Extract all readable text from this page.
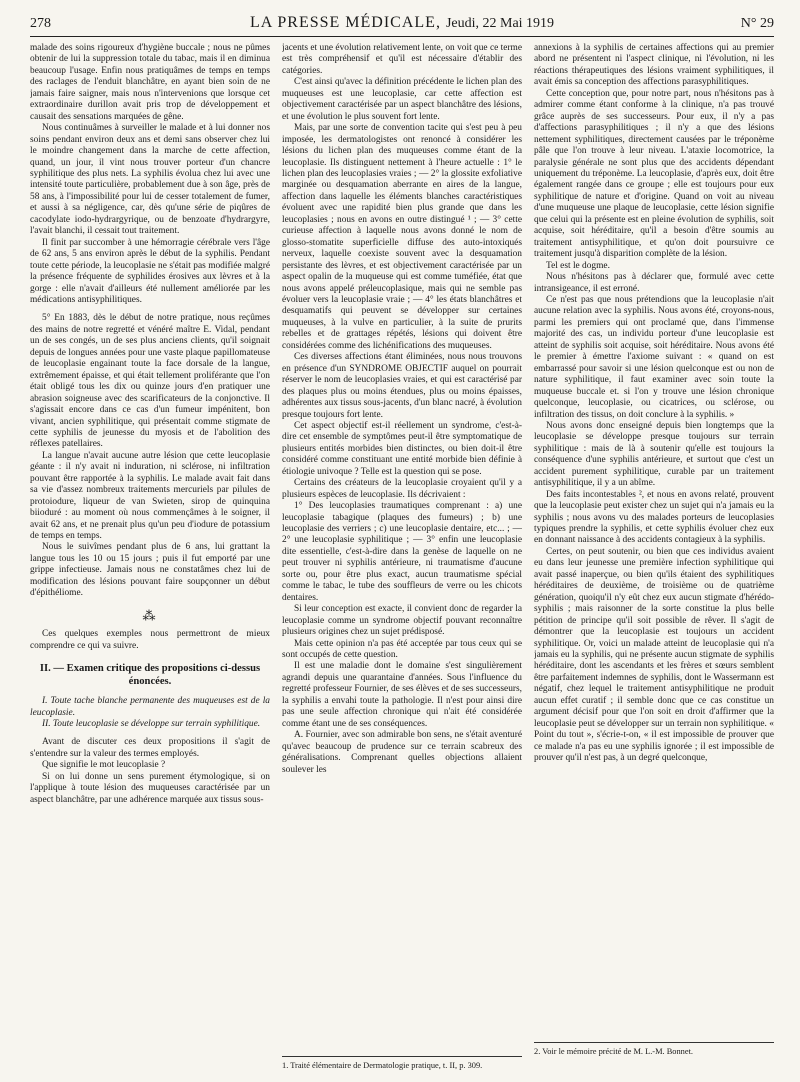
278	LA PRESSE MÉDICALE, Jeudi, 22 Mai 1919	N° 29

malade des soins rigoureux d'hygiène buccale ; nous ne pûmes obtenir de lui la suppression totale du tabac, mais il en diminua beaucoup l'usage. Enfin nous pratiquâmes de temps en temps des raclages de l'enduit blanchâtre, en ayant bien soin de ne jamais faire saigner, mais nous n'intervenions que lorsque cet extraordinaire durillon avait pris trop de développement et causait des sensations marquées de gêne.

Nous continuâmes à surveiller le malade et à lui donner nos soins pendant environ deux ans et demi sans observer chez lui le moindre changement dans la marche de cette affection, quand, un jour, il vint nous trouver porteur d'un chancre syphilitique des plus nets. La syphilis évolua chez lui avec une intensité toute particulière, probablement due à son âge, près de 58 ans, à l'impossibilité pour lui de cesser totalement de fumer, et aussi à sa négligence, car, dès qu'une série de piqûres de cacodylate iodo-hydrargyrique, ou de benzoate d'hydrargyre, l'avait blanchi, il cessait tout traitement.

Il finit par succomber à une hémorragie cérébrale vers l'âge de 62 ans, 5 ans environ après le début de la syphilis. Pendant toute cette période, la leucoplasie ne s'était pas modifiée malgré la présence fréquente de syphilides érosives aux lèvres et à la gorge : elle n'avait d'ailleurs été nullement améliorée par les médications antisyphilitiques.

5° En 1883, dès le début de notre pratique, nous reçûmes des mains de notre regretté et vénéré maître E. Vidal, pendant un de ses congés, un de ses plus anciens clients, qu'il soignait depuis de longues années pour une vaste plaque papillomateuse de leucoplasie engainant toute la face dorsale de la langue, extrêmement épaisse, et qui était tellement proliférante que l'on était obligé tous les dix ou quinze jours d'en pratiquer une abrasion soigneuse avec des scarificateurs de la conjonctive. Il s'agissait encore dans ce cas d'un fumeur impénitent, bon vivant, ancien syphilitique, qui présentait comme stigmate de cette syphilis de jeunesse du myosis et de l'abolition des réflexes patellaires.

La langue n'avait aucune autre lésion que cette leucoplasie géante : il n'y avait ni induration, ni sclérose, ni infiltration pouvant être rapportée à la syphilis. Le malade avait fait dans sa vie d'assez nombreux traitements mercuriels par pilules de protoiodure, liqueur de van Swieten, sirop de quinquina biioduré : au moment où nous commençâmes à le soigner, il avait 62 ans, et ne prenait plus qu'un peu d'iodure de potassium de temps en temps.

Nous le suivîmes pendant plus de 6 ans, lui grattant la langue tous les 10 ou 15 jours ; puis il fut emporté par une grippe infectieuse. Jamais nous ne constatâmes chez lui de modification des lésions pouvant faire soupçonner un début d'épithéliome.

⁂

Ces quelques exemples nous permettront de mieux comprendre ce qui va suivre.

II. — Examen critique des propositions ci-dessus énoncées.

I. Toute tache blanche permanente des muqueuses est de la leucoplasie.

II. Toute leucoplasie se développe sur terrain syphilitique.

Avant de discuter ces deux propositions il s'agit de s'entendre sur la valeur des termes employés.

Que signifie le mot leucoplasie ?

Si on lui donne un sens purement étymologique, si on l'applique à toute lésion des muqueuses caractérisée par un aspect blanchâtre, par une adhérence marquée aux tissus sous-

jacents et une évolution relativement lente, on voit que ce terme est très compréhensif et qu'il est nécessaire d'établir des catégories.

C'est ainsi qu'avec la définition précédente le lichen plan des muqueuses est une leucoplasie, car cette affection est objectivement caractérisée par un aspect blanchâtre des lésions, et une évolution le plus souvent fort lente.

Mais, par une sorte de convention tacite qui s'est peu à peu imposée, les dermatologistes ont renoncé à considérer les lésions du lichen plan des muqueuses comme étant de la leucoplasie. Ils distinguent nettement à l'heure actuelle : 1° le lichen plan des leucoplasies vraies ; — 2° la glossite exfoliative marginée ou desquamation aberrante en aires de la langue, affection dans laquelle les éléments blanches caractéristiques évoluent avec une rapidité bien plus grande que dans les leucoplasies ; nous en avons en outre distingué ¹ ; — 3° cette curieuse affection à laquelle nous avons donné le nom de glosso-stomatite superficielle diffuse des auto-intoxiqués nerveux, laquelle coexiste souvent avec la desquamation persistante des lèvres, et est objectivement caractérisée par un aspect opalin de la muqueuse qui est comme tuméfiée, état que nous avons appelé préleucoplasique, mais qui ne semble pas évoluer vers la leucoplasie vraie ; — 4° les états blanchâtres et desquamatifs qui peuvent se développer sur certaines muqueuses, à la vulve en particulier, à la suite de prurits rebelles et de grattages répétés, lésions qui doivent être considérées comme des lichénifications des muqueuses.

Ces diverses affections étant éliminées, nous nous trouvons en présence d'un SYNDROME OBJECTIF auquel on pourrait réserver le nom de leucoplasies vraies, et qui est caractérisé par des plaques plus ou moins étendues, plus ou moins épaisses, adhérentes aux tissus sous-jacents, d'un blanc nacré, à évolution presque toujours fort lente.

Cet aspect objectif est-il réellement un syndrome, c'est-à-dire cet ensemble de symptômes peut-il être symptomatique de plusieurs entités morbides bien distinctes, ou bien doit-il être considéré comme constituant une entité morbide bien définie à étiologie univoque ? Telle est la question qui se pose.

Certains des créateurs de la leucoplasie croyaient qu'il y a plusieurs espèces de leucoplasie. Ils décrivaient :

1° Des leucoplasies traumatiques comprenant : a) une leucoplasie tabagique (plaques des fumeurs) ; b) une leucoplasie des verriers ; c) une leucoplasie dentaire, etc... ; — 2° une leucoplasie syphilitique ; — 3° enfin une leucoplasie dite essentielle, c'est-à-dire dans la genèse de laquelle on ne peut trouver ni syphilis antérieure, ni traumatisme d'aucune sorte ou, pour être plus exact, aucun traumatisme spécial comme le tabac, le tube des souffleurs de verre ou les chicots dentaires.

Si leur conception est exacte, il convient donc de regarder la leucoplasie comme un syndrome objectif pouvant reconnaître plusieurs origines chez un sujet prédisposé.

Mais cette opinion n'a pas été acceptée par tous ceux qui se sont occupés de cette question.

Il est une maladie dont le domaine s'est singulièrement agrandi depuis une quarantaine d'années. Sous l'influence du regretté professeur Fournier, de ses élèves et de ses successeurs, la syphilis a envahi toute la pathologie. Il n'est pour ainsi dire pas une seule affection chronique qui n'ait été considérée comme étant une de ses conséquences.

A. Fournier, avec son admirable bon sens, ne s'était aventuré qu'avec beaucoup de prudence sur ce terrain scabreux des généralisations. Comprenant quelles objections allaient soulever les

1. Traité élémentaire de Dermatologie pratique, t. II, p. 309.

annexions à la syphilis de certaines affections qui au premier abord ne présentent ni l'aspect clinique, ni l'évolution, ni les réactions thérapeutiques des lésions vraiment syphilitiques, il avait émis sa conception des affections parasyphilitiques.

Cette conception que, pour notre part, nous n'hésitons pas à admirer comme étant conforme à la clinique, n'a pas trouvé grâce auprès de ses successeurs. Pour eux, il n'y a pas d'affections parasyphilitiques ; il n'y a que des lésions nettement syphilitiques, directement causées par le tréponème pâle que l'on trouve à leur niveau. L'ataxie locomotrice, la paralysie générale ne sont plus que des accidents dépendant uniquement du tréponème. La leucoplasie, d'après eux, doit être également rangée dans ce groupe ; elle est toujours pour eux syphilitique de nature et d'origine. Quand on voit au niveau d'une muqueuse une plaque de leucoplasie, cette lésion signifie que celui qui la présente est en pleine évolution de syphilis, soit acquise, soit héréditaire, qu'il a besoin d'être soumis au traitement antisyphilitique, et qu'on doit poursuivre ce traitement jusqu'à disparition complète de la lésion.

Tel est le dogme.

Nous n'hésitons pas à déclarer que, formulé avec cette intransigeance, il est erroné.

Ce n'est pas que nous prétendions que la leucoplasie n'ait aucune relation avec la syphilis. Nous avons été, croyons-nous, parmi les premiers qui ont proclamé que, dans l'immense majorité des cas, un individu porteur d'une leucoplasie est atteint de syphilis soit acquise, soit héréditaire. Nous avons été le premier à émettre l'axiome suivant : « quand on est embarrassé pour savoir si une lésion quelconque est ou non de nature syphilitique, il faut examiner avec soin toute la muqueuse buccale et. si l'on y trouve une lésion chronique quelconque, leucoplasie, ou cicatrices, ou sclérose, ou infiltration des tissus, on doit conclure à la syphilis. »

Nous avons donc enseigné depuis bien longtemps que la leucoplasie se développe presque toujours sur terrain syphilitique : mais de là à soutenir qu'elle est toujours la conséquence d'une syphilis antérieure, et surtout que c'est un accident purement syphilitique, curable par un traitement antisyphilitique, il y a un abîme.

Des faits incontestables ², et nous en avons relaté, prouvent que la leucoplasie peut exister chez un sujet qui n'a jamais eu la syphilis ; nous avons vu des malades porteurs de leucoplasies typiques prendre la syphilis, et cette syphilis évoluer chez eux en donnant naissance à des accidents contagieux à la syphilis.

Certes, on peut soutenir, ou bien que ces individus avaient eu dans leur jeunesse une première infection syphilitique qui avait passé inaperçue, ou bien qu'ils étaient des syphilitiques héréditaires de deuxième, de troisième ou de quatrième génération, quoiqu'il n'y eût chez eux aucun stigmate d'hérédo-syphilis ; mais raisonner de la sorte constitue la plus belle pétition de principe qu'il soit possible de rêver. Il s'agit de démontrer que la leucoplasie est toujours un accident syphilitique. Or, voici un malade atteint de leucoplasie qui n'a jamais eu la syphilis, qui ne présente aucun stigmate de syphilis héréditaire, dont les ascendants et les frères et sœurs semblent être parfaitement indemnes de syphilis, dont le Wassermann est négatif, chez lequel le traitement antisyphilitique ne produit aucun effet curatif ; il semble donc que ce cas constitue un argument décisif pour que l'on soit en droit d'affirmer que la leucoplasie peut se développer sur un terrain non syphilitique. « Point du tout », s'écrie-t-on, « il est impossible de prouver que ce malade n'a pas eu une syphilis ignorée ; il est impossible de prouver qu'il n'est pas, à un degré quelconque,

2. Voir le mémoire précité de M. L.-M. Bonnet.
